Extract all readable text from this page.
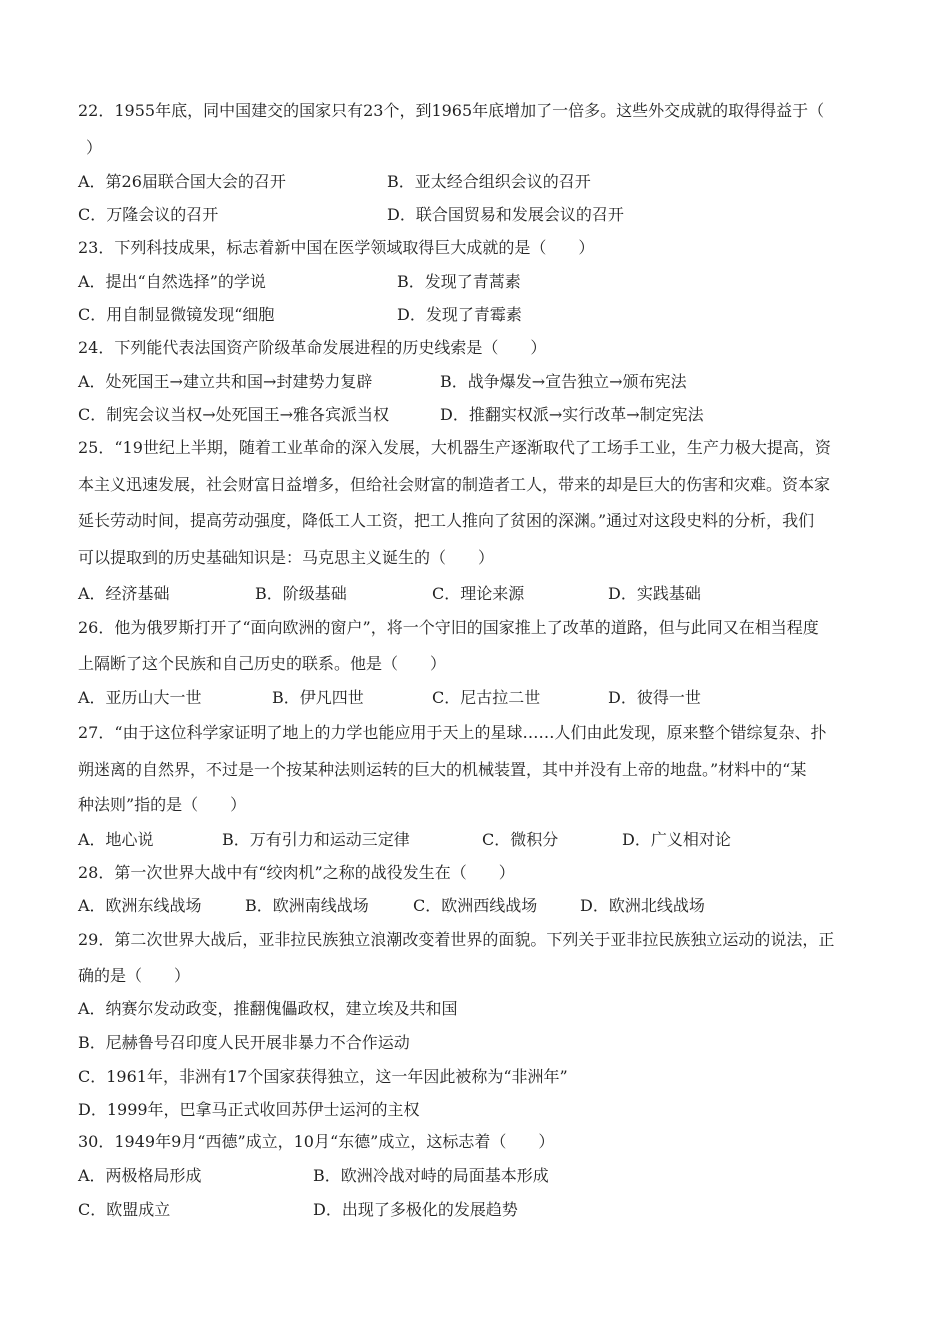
22．1955年底，同中国建交的国家只有23个，到1965年底增加了一倍多。这些外交成就的取得得益于（
）
A．第26届联合国大会的召开	B．亚太经合组织会议的召开
C．万隆会议的召开	D．联合国贸易和发展会议的召开
23．下列科技成果，标志着新中国在医学领域取得巨大成就的是（　　）
A．提出“自然选择”的学说	B．发现了青蒿素
C．用自制显微镜发现“细胞	D．发现了青霉素
24．下列能代表法国资产阶级革命发展进程的历史线索是（　　）
A．处死国王→建立共和国→封建势力复辟	B．战争爆发→宣告独立→颁布宪法
C．制宪会议当权→处死国王→雅各宾派当权	D．推翻实权派→实行改革→制定宪法
25．“19世纪上半期，随着工业革命的深入发展，大机器生产逐渐取代了工场手工业，生产力极大提高，资
本主义迅速发展，社会财富日益增多，但给社会财富的制造者工人，带来的却是巨大的伤害和灾难。资本家
延长劳动时间，提高劳动强度，降低工人工资，把工人推向了贫困的深渊。”通过对这段史料的分析，我们
可以提取到的历史基础知识是：马克思主义诞生的（　　）
A．经济基础	B．阶级基础	C．理论来源	D．实践基础
26．他为俄罗斯打开了“面向欧洲的窗户”，将一个守旧的国家推上了改革的道路，但与此同又在相当程度
上隔断了这个民族和自己历史的联系。他是（　　）
A．亚历山大一世	B．伊凡四世	C．尼古拉二世	D．彼得一世
27．“由于这位科学家证明了地上的力学也能应用于天上的星球……人们由此发现，原来整个错综复杂、扑
朔迷离的自然界，不过是一个按某种法则运转的巨大的机械装置，其中并没有上帝的地盘。”材料中的“某
种法则”指的是（　　）
A．地心说	B．万有引力和运动三定律	C．微积分	D．广义相对论
28．第一次世界大战中有“绞肉机”之称的战役发生在（　　）
A．欧洲东线战场	B．欧洲南线战场	C．欧洲西线战场	D．欧洲北线战场
29．第二次世界大战后，亚非拉民族独立浪潮改变着世界的面貌。下列关于亚非拉民族独立运动的说法，正
确的是（　　）
A．纳赛尔发动政变，推翻傀儡政权，建立埃及共和国
B．尼赫鲁号召印度人民开展非暴力不合作运动
C．1961年，非洲有17个国家获得独立，这一年因此被称为“非洲年”
D．1999年，巴拿马正式收回苏伊士运河的主权
30．1949年9月“西德”成立，10月“东德”成立，这标志着（　　）
A．两极格局形成	B．欧洲冷战对峙的局面基本形成
C．欧盟成立	D．出现了多极化的发展趋势
